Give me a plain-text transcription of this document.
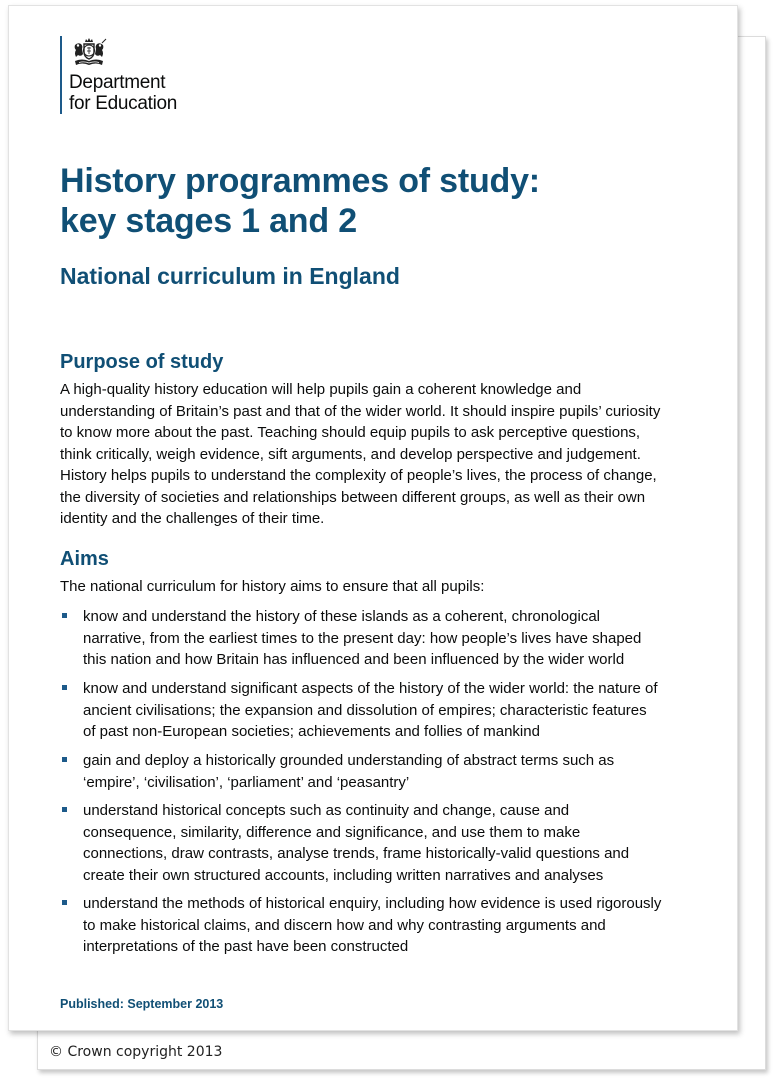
© Crown copyright 2013
Department
for Education
History programmes of study:
key stages 1 and 2
National curriculum in England
Purpose of study

A high-quality history education will help pupils gain a coherent knowledge and
understanding of Britain’s past and that of the wider world. It should inspire pupils’ curiosity
to know more about the past. Teaching should equip pupils to ask perceptive questions,
think critically, weigh evidence, sift arguments, and develop perspective and judgement.
History helps pupils to understand the complexity of people’s lives, the process of change,
the diversity of societies and relationships between different groups, as well as their own
identity and the challenges of their time.

Aims

The national curriculum for history aims to ensure that all pupils:

know and understand the history of these islands as a coherent, chronological
narrative, from the earliest times to the present day: how people’s lives have shaped
this nation and how Britain has influenced and been influenced by the wider world
know and understand significant aspects of the history of the wider world: the nature of
ancient civilisations; the expansion and dissolution of empires; characteristic features
of past non-European societies; achievements and follies of mankind
gain and deploy a historically grounded understanding of abstract terms such as
‘empire’, ‘civilisation’, ‘parliament’ and ‘peasantry’
understand historical concepts such as continuity and change, cause and
consequence, similarity, difference and significance, and use them to make
connections, draw contrasts, analyse trends, frame historically-valid questions and
create their own structured accounts, including written narratives and analyses
understand the methods of historical enquiry, including how evidence is used rigorously
to make historical claims, and discern how and why contrasting arguments and
interpretations of the past have been constructed
Published: September 2013
